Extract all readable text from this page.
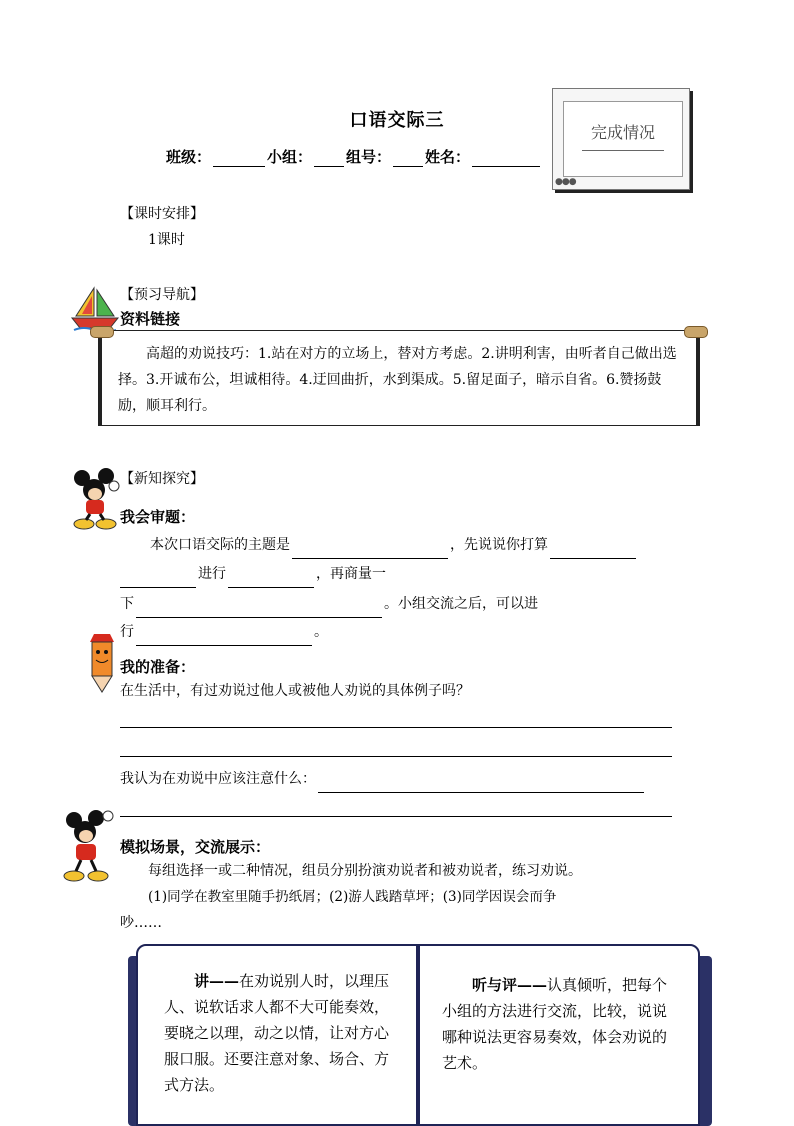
口语交际三
班级：	小组： 组号： 姓名：
完成情况
●●●
【课时安排】
1课时
【预习导航】
资料链接

高超的劝说技巧：1.站在对方的立场上，替对方考虑。2.讲明利害，由听者自己做出选择。3.开诚布公，坦诚相待。4.迂回曲折，水到渠成。5.留足面子，暗示自省。6.赞扬鼓励，顺耳利行。

【新知探究】
我会审题：
本次口语交际的主题是	，先说说你打算
进行	，再商量一
下	。小组交流之后，可以进
行	。
我的准备：
在生活中，有过劝说过他人或被他人劝说的具体例子吗？
我认为在劝说中应该注意什么：
模拟场景，交流展示：
每组选择一或二种情况，组员分别扮演劝说者和被劝说者，练习劝说。
(1)同学在教室里随手扔纸屑；(2)游人践踏草坪；(3)同学因误会而争
吵……

讲——在劝说别人时，以理压人、说软话求人都不大可能奏效，要晓之以理，动之以情，让对方心服口服。还要注意对象、场合、方式方法。

听与评——认真倾听，把每个小组的方法进行交流，比较，说说哪种说法更容易奏效，体会劝说的艺术。
